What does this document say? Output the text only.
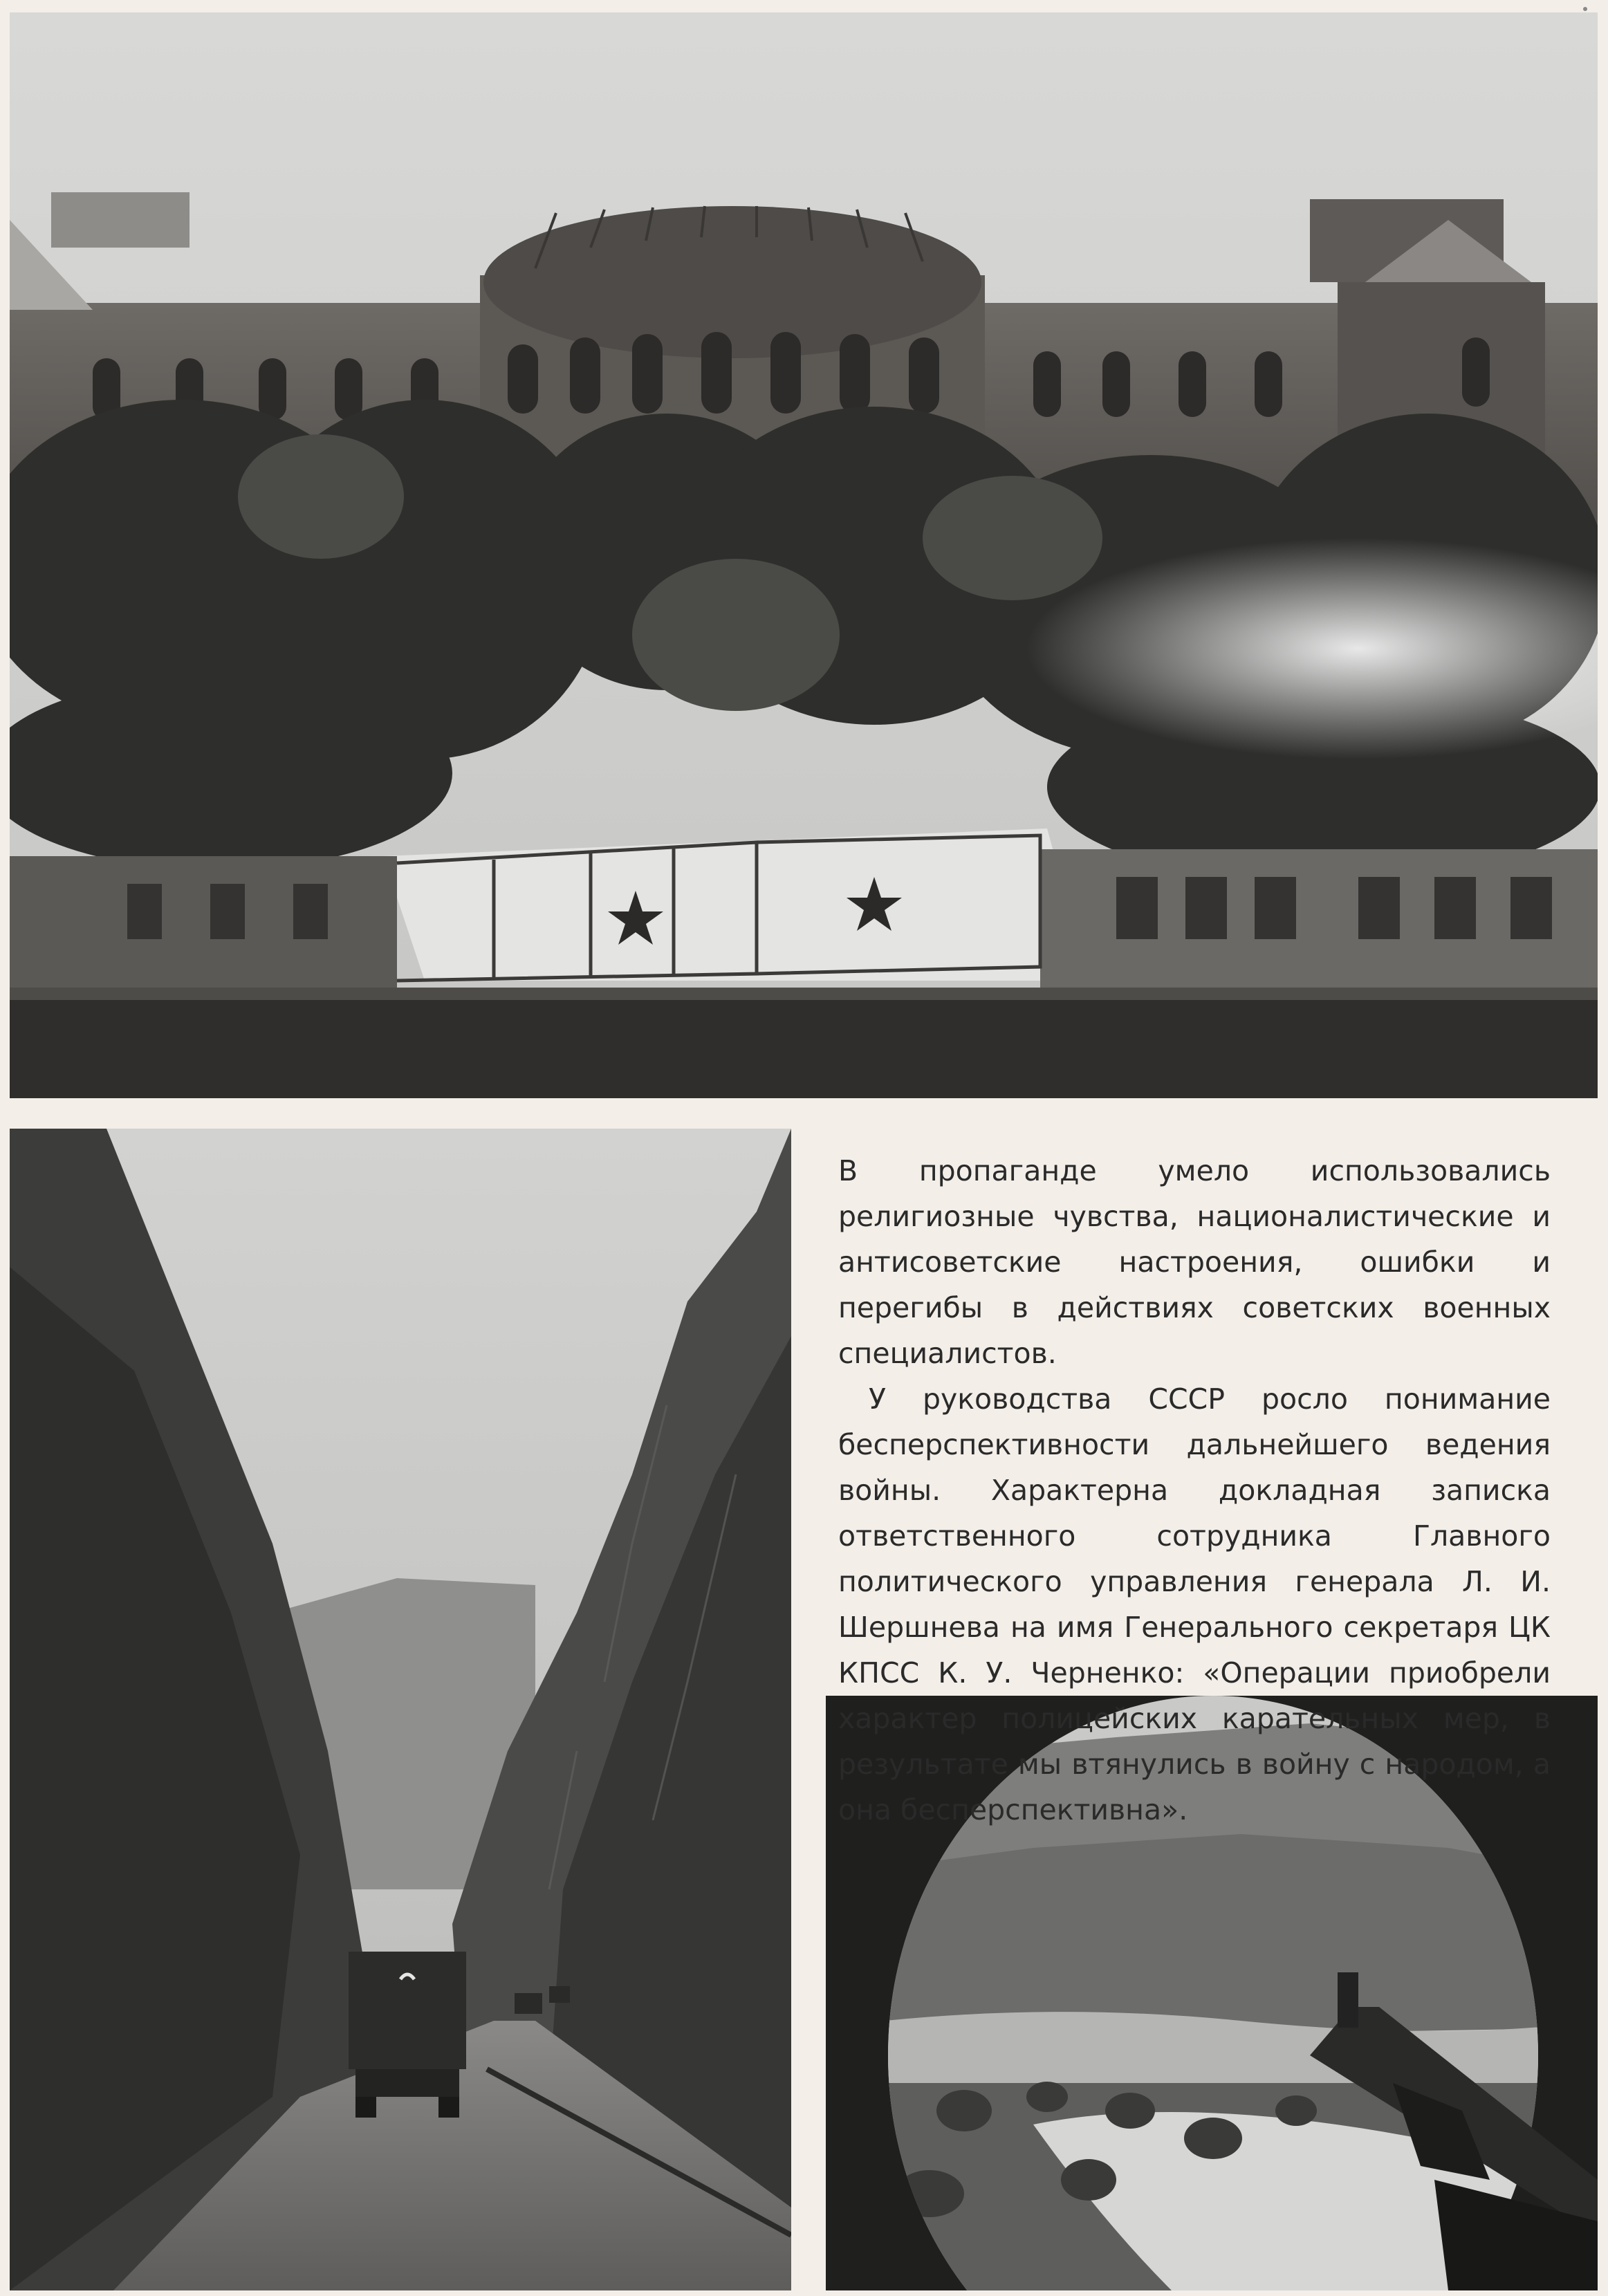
В пропаганде умело использовались религиозные чувства, националистические и антисоветские настроения, ошибки и перегибы в действиях советских военных специалистов.

У руководства СССР росло понимание бесперспективности дальнейшего ведения войны. Характерна докладная записка ответственного сотрудника Главного политического управления генерала Л. И. Шершнева на имя Генерального секретаря ЦК КПСС К. У. Черненко: «Операции приобрели характер полицейских карательных мер, в результате мы втянулись в войну с народом, а она бесперспективна».
